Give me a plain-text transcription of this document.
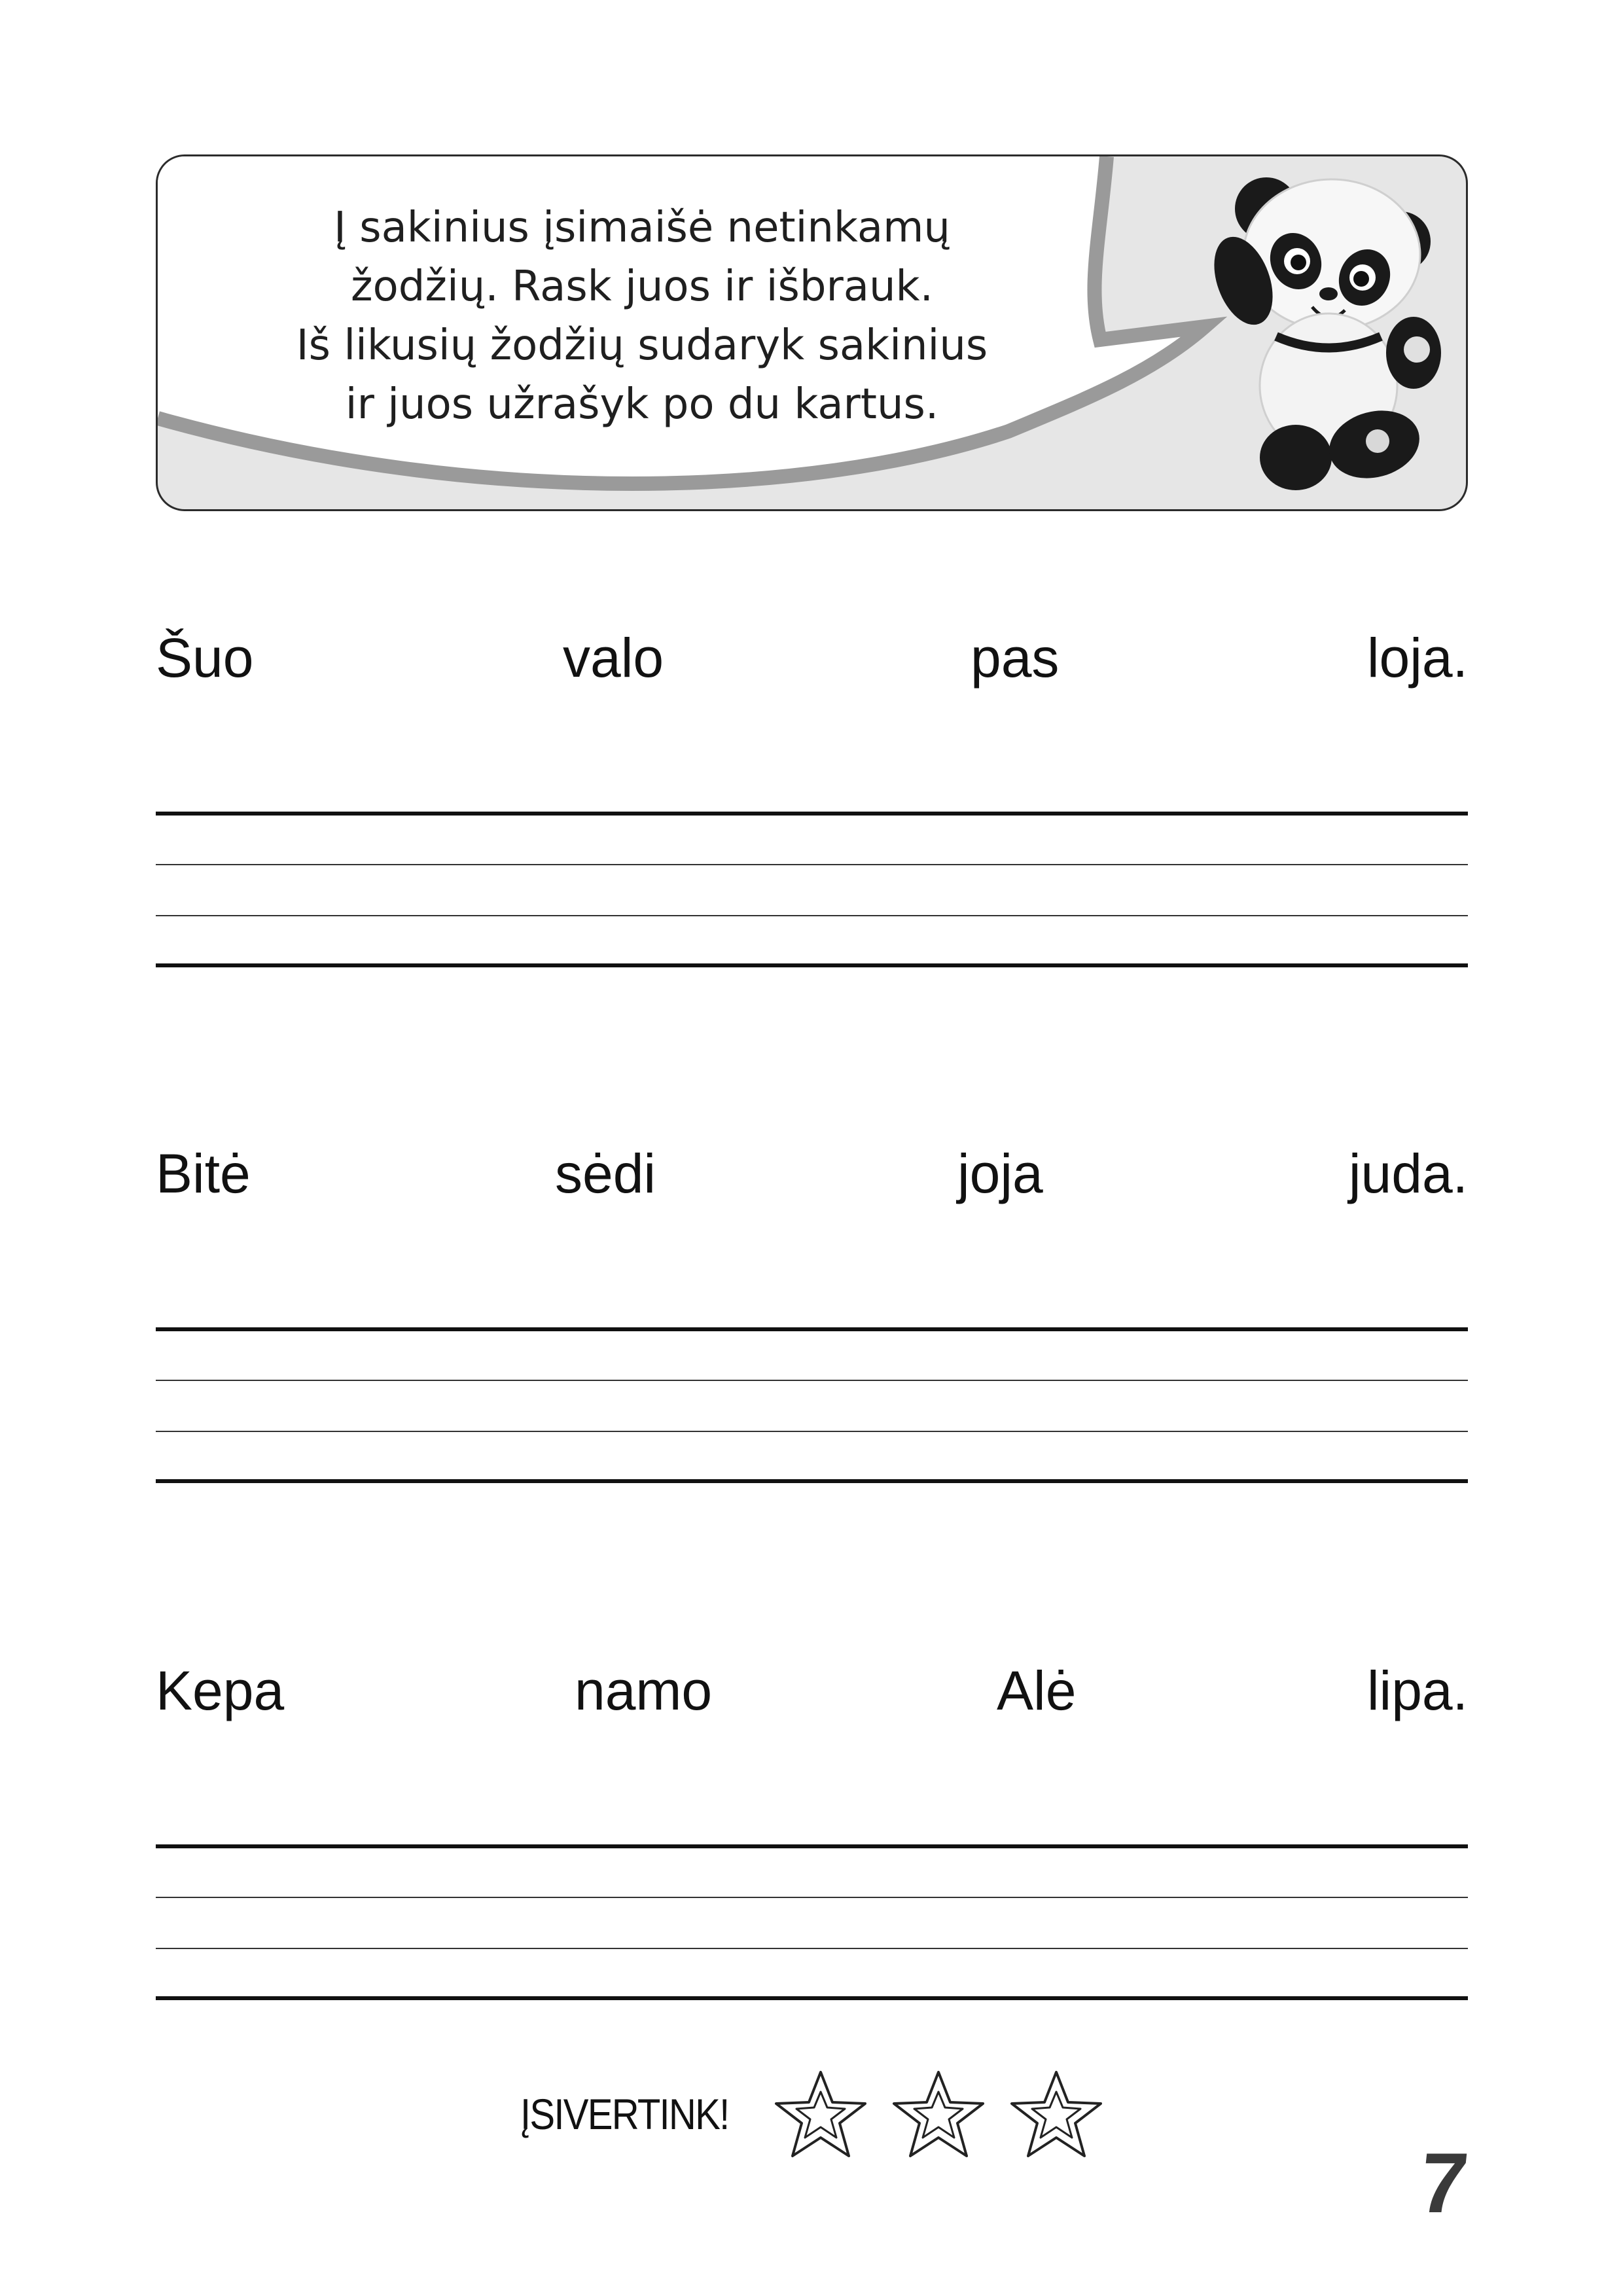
Į sakinius įsimaišė netinkamų
žodžių. Rask juos ir išbrauk.
Iš likusių žodžių sudaryk sakinius
ir juos užrašyk po du kartus.
Šuo	valo	pas	loja.
Bitė	sėdi	joja	juda.
Kepa	namo	Alė	lipa.
ĮSIVERTINK!
7
